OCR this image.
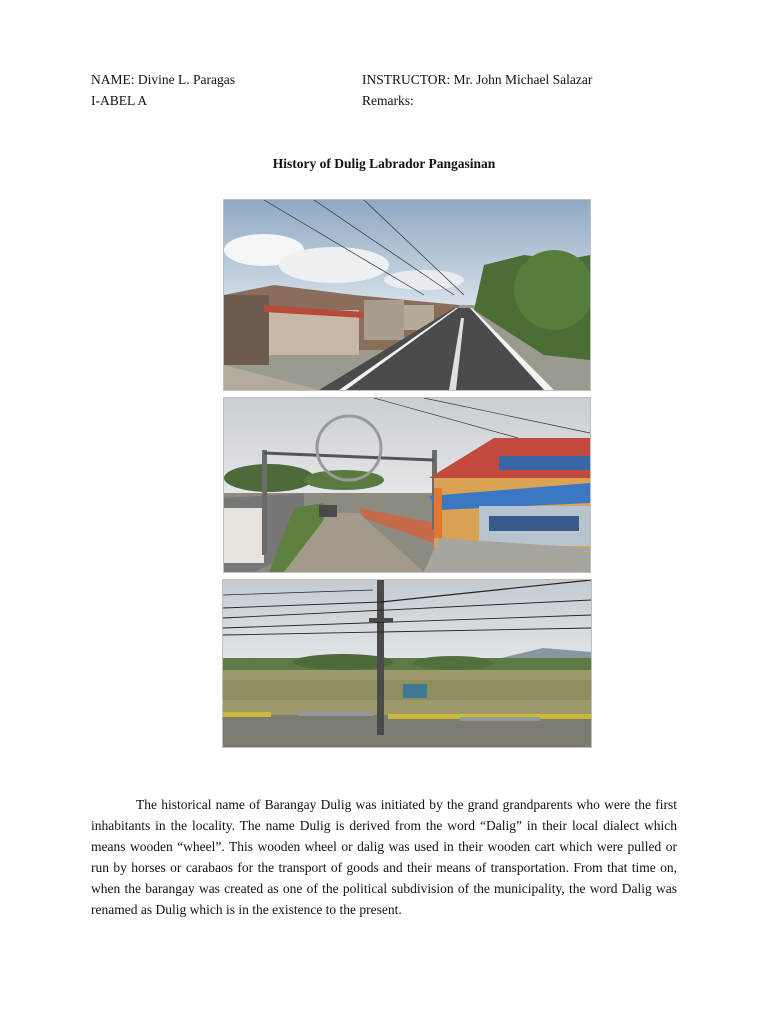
NAME: Divine L. Paragas
I-ABEL A
INSTRUCTOR: Mr. John Michael Salazar
Remarks:
History of Dulig Labrador Pangasinan

The historical name of Barangay Dulig was initiated by the grand grandparents who were the first inhabitants in the locality. The name Dulig is derived from the word “Dalig” in their local dialect which means wooden “wheel”. This wooden wheel or dalig was used in their wooden cart which were pulled or run by horses or carabaos for the transport of goods and their means of transportation. From that time on, when the barangay was created as one of the political subdivision of the municipality, the word Dalig was renamed as Dulig which is in the existence to the present.
